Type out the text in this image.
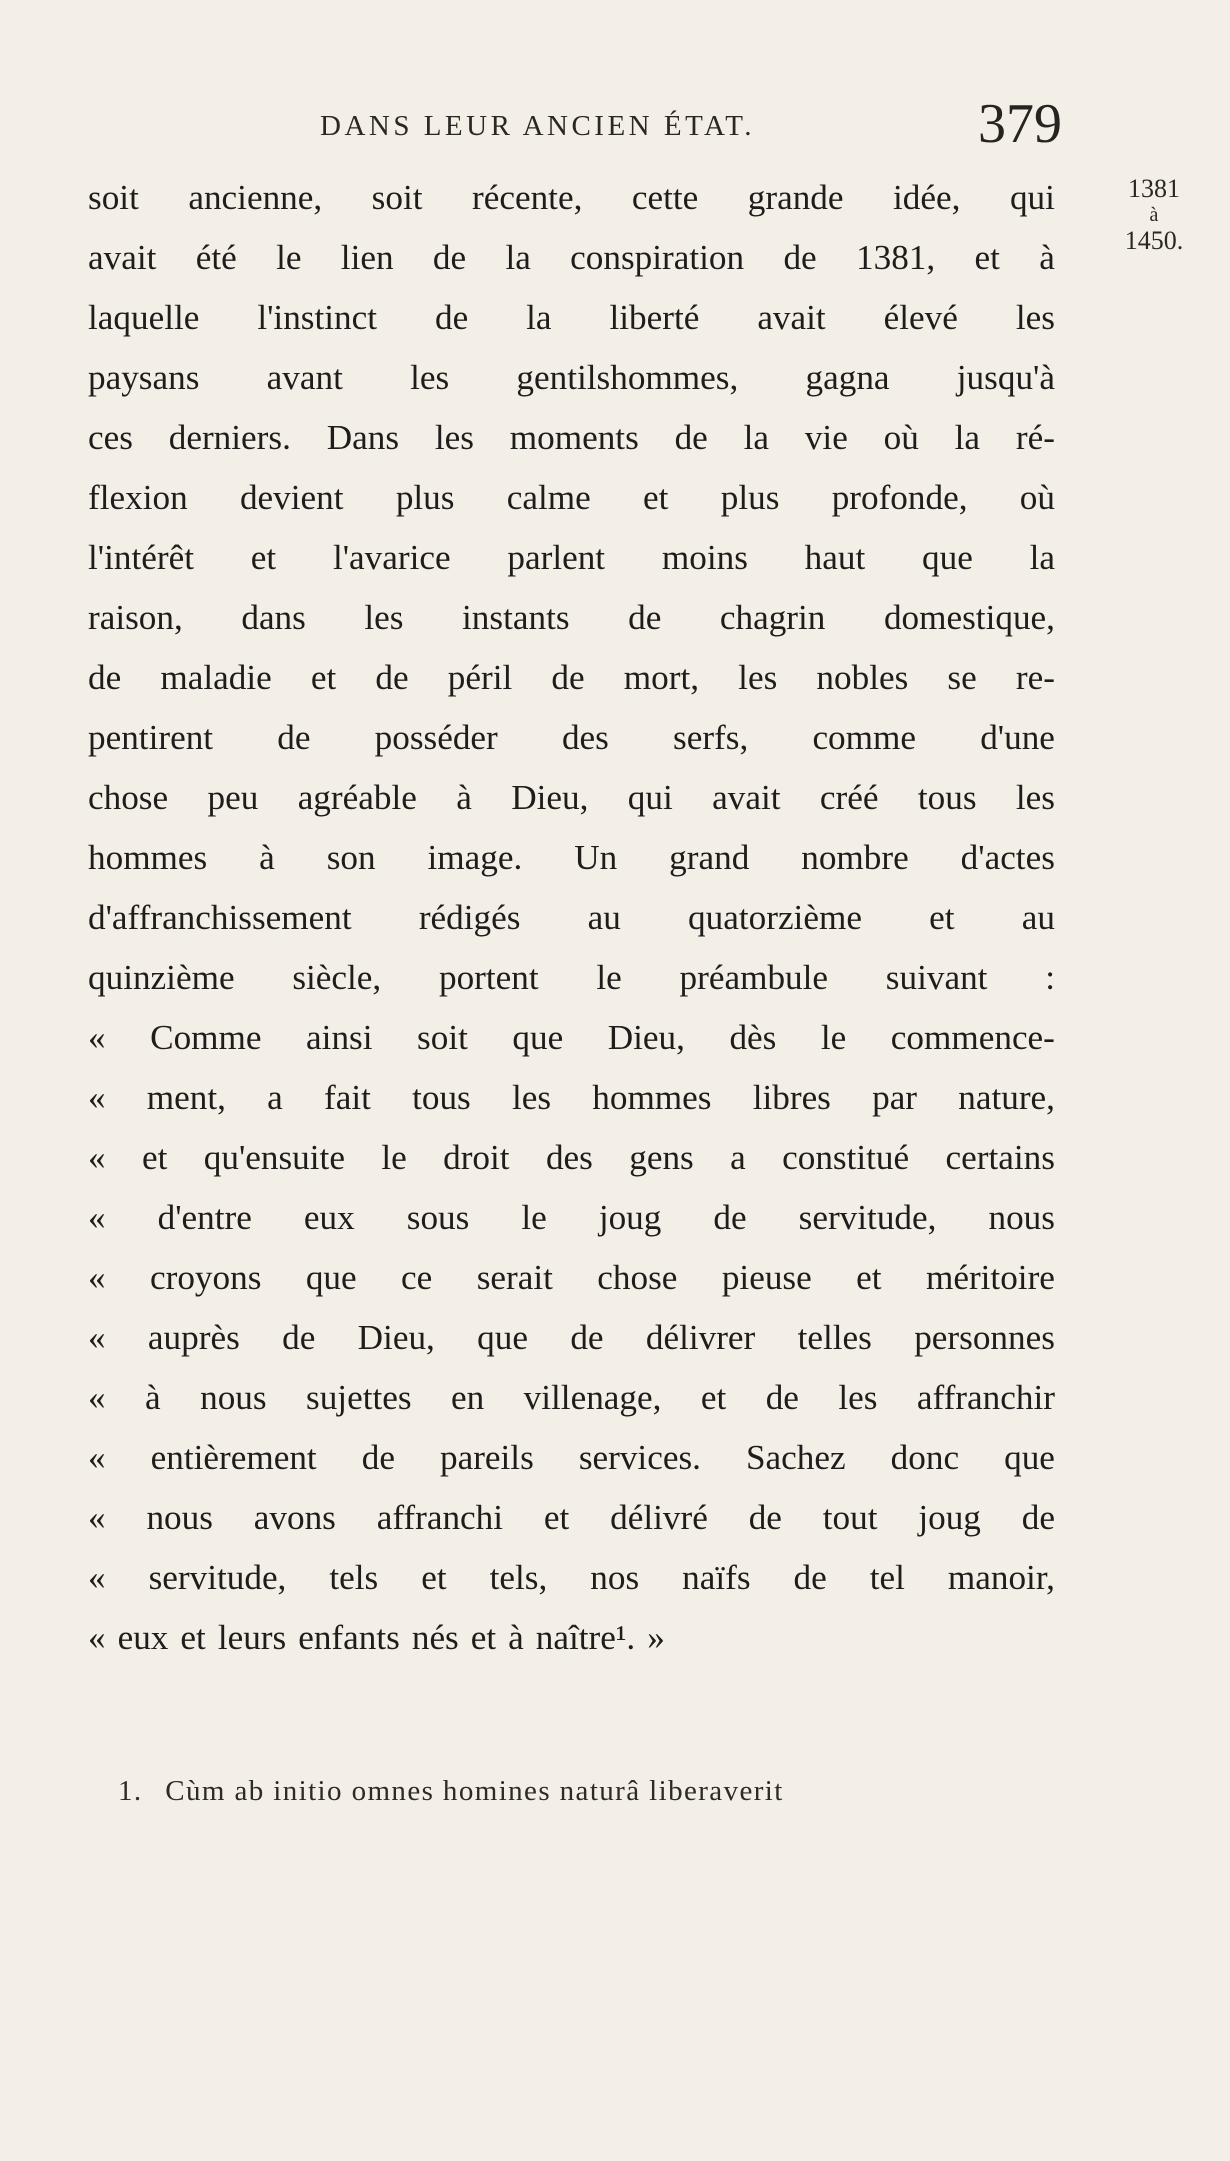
DANS LEUR ANCIEN ÉTAT.	379
1381
à
1450.
soit ancienne, soit récente, cette grande idée, qui
avait été le lien de la conspiration de 1381, et à
laquelle l'instinct de la liberté avait élevé les
paysans avant les gentilshommes, gagna jusqu'à
ces derniers. Dans les moments de la vie où la ré-
flexion devient plus calme et plus profonde, où
l'intérêt et l'avarice parlent moins haut que la
raison, dans les instants de chagrin domestique,
de maladie et de péril de mort, les nobles se re-
pentirent de posséder des serfs, comme d'une
chose peu agréable à Dieu, qui avait créé tous les
hommes à son image. Un grand nombre d'actes
d'affranchissement rédigés au quatorzième et au
quinzième siècle, portent le préambule suivant :
« Comme ainsi soit que Dieu, dès le commence-
« ment, a fait tous les hommes libres par nature,
« et qu'ensuite le droit des gens a constitué certains
« d'entre eux sous le joug de servitude, nous
« croyons que ce serait chose pieuse et méritoire
« auprès de Dieu, que de délivrer telles personnes
« à nous sujettes en villenage, et de les affranchir
« entièrement de pareils services. Sachez donc que
« nous avons affranchi et délivré de tout joug de
« servitude, tels et tels, nos naïfs de tel manoir,
« eux et leurs enfants nés et à naître¹. »
1. Cùm ab initio omnes homines naturâ liberaverit
